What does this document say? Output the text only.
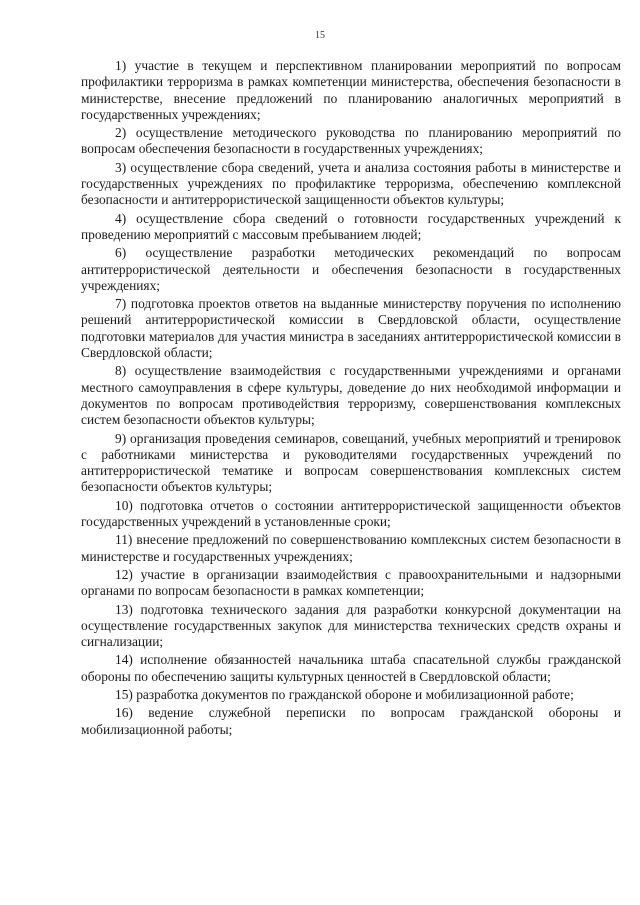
15

1) участие в текущем и перспективном планировании мероприятий по вопросам профилактики терроризма в рамках компетенции министерства, обеспечения безопасности в министерстве, внесение предложений по планированию аналогичных мероприятий в государственных учреждениях;

2) осуществление методического руководства по планированию мероприятий по вопросам обеспечения безопасности в государственных учреждениях;

3) осуществление сбора сведений, учета и анализа состояния работы в министерстве и государственных учреждениях по профилактике терроризма, обеспечению комплексной безопасности и антитеррористической защищенности объектов культуры;

4) осуществление сбора сведений о готовности государственных учреждений к проведению мероприятий с массовым пребыванием людей;

6) осуществление разработки методических рекомендаций по вопросам антитеррористической деятельности и обеспечения безопасности в государственных учреждениях;

7) подготовка проектов ответов на выданные министерству поручения по исполнению решений антитеррористической комиссии в Свердловской области, осуществление подготовки материалов для участия министра в заседаниях антитеррористической комиссии в Свердловской области;

8) осуществление взаимодействия с государственными учреждениями и органами местного самоуправления в сфере культуры, доведение до них необходимой информации и документов по вопросам противодействия терроризму, совершенствования комплексных систем безопасности объектов культуры;

9) организация проведения семинаров, совещаний, учебных мероприятий и тренировок с работниками министерства и руководителями государственных учреждений по антитеррористической тематике и вопросам совершенствования комплексных систем безопасности объектов культуры;

10) подготовка отчетов о состоянии антитеррористической защищенности объектов государственных учреждений в установленные сроки;

11) внесение предложений по совершенствованию комплексных систем безопасности в министерстве и государственных учреждениях;

12) участие в организации взаимодействия с правоохранительными и надзорными органами по вопросам безопасности в рамках компетенции;

13) подготовка технического задания для разработки конкурсной документации на осуществление государственных закупок для министерства технических средств охраны и сигнализации;

14) исполнение обязанностей начальника штаба спасательной службы гражданской обороны по обеспечению защиты культурных ценностей в Свердловской области;

15) разработка документов по гражданской обороне и мобилизационной работе;

16) ведение служебной переписки по вопросам гражданской обороны и мобилизационной работы;
